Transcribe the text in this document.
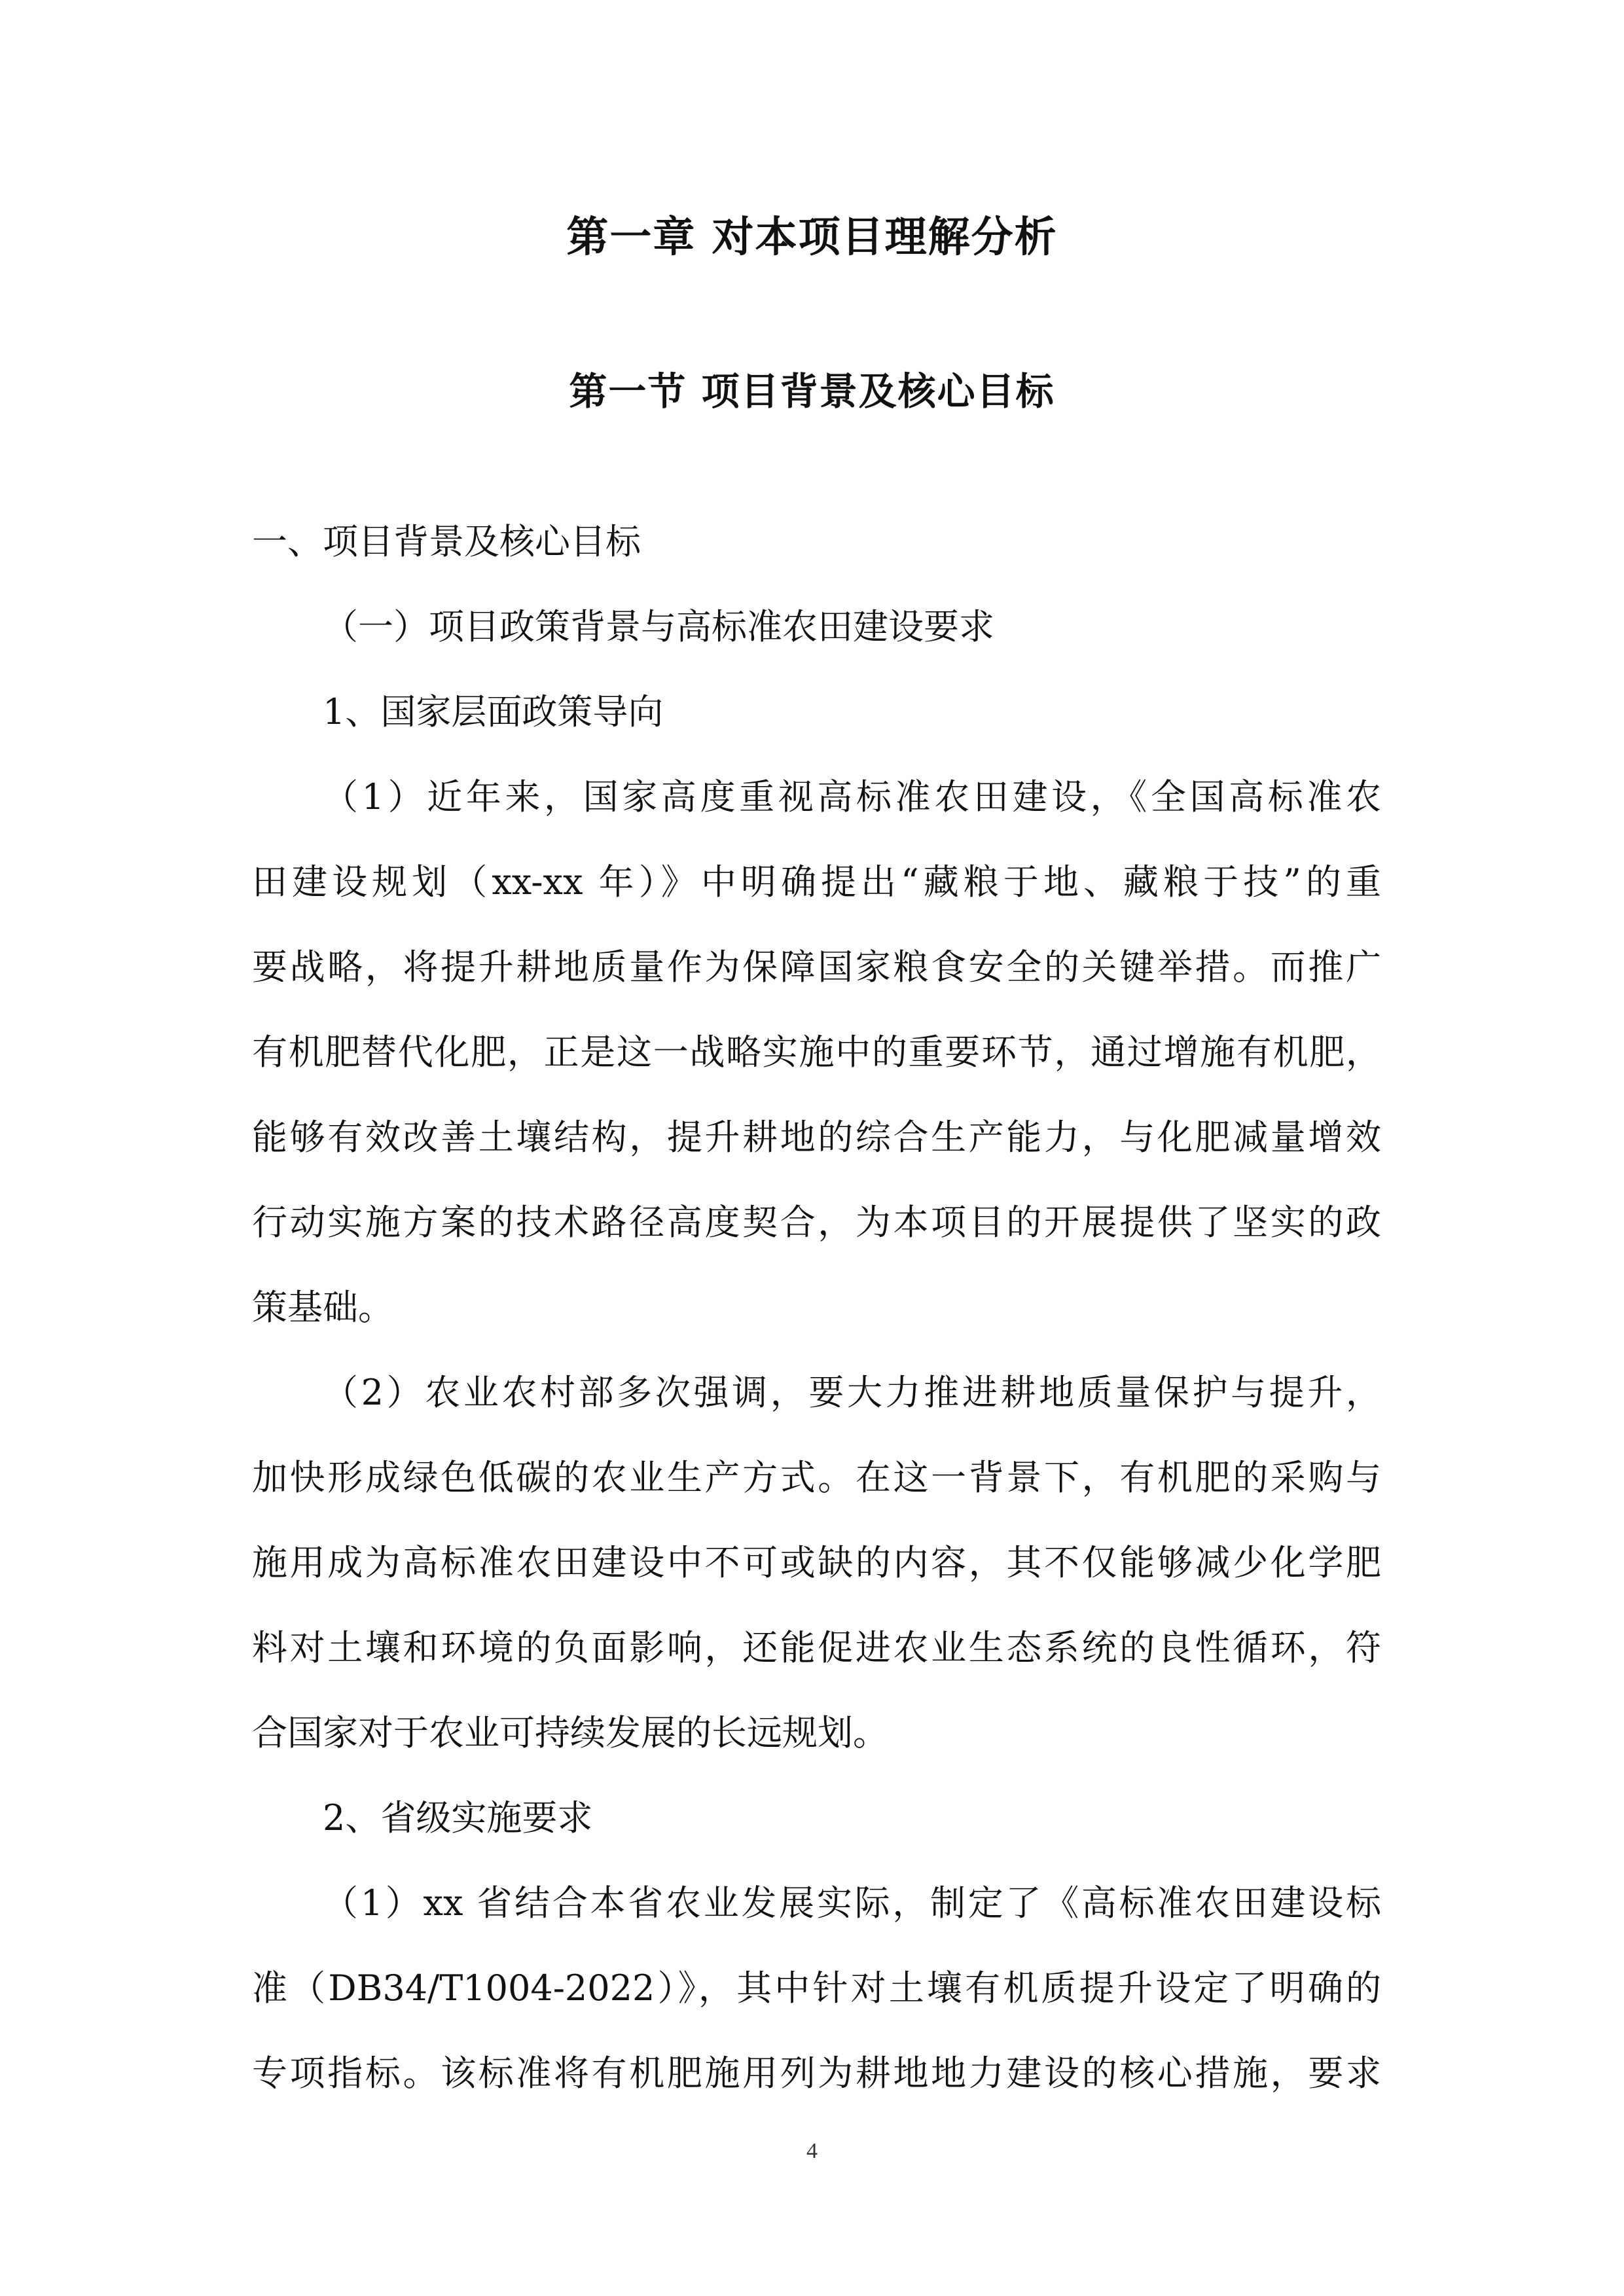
第一章 对本项目理解分析
第一节 项目背景及核心目标
一、项目背景及核心目标
（一）项目政策背景与高标准农田建设要求
1、国家层面政策导向
（1）近年来，国家高度重视高标准农田建设，《全国高标准农
田建设规划（xx-xx 年）》中明确提出“藏粮于地、藏粮于技”的重
要战略，将提升耕地质量作为保障国家粮食安全的关键举措。而推广
有机肥替代化肥，正是这一战略实施中的重要环节，通过增施有机肥，
能够有效改善土壤结构，提升耕地的综合生产能力，与化肥减量增效
行动实施方案的技术路径高度契合，为本项目的开展提供了坚实的政
策基础。
（2）农业农村部多次强调，要大力推进耕地质量保护与提升，
加快形成绿色低碳的农业生产方式。在这一背景下，有机肥的采购与
施用成为高标准农田建设中不可或缺的内容，其不仅能够减少化学肥
料对土壤和环境的负面影响，还能促进农业生态系统的良性循环，符
合国家对于农业可持续发展的长远规划。
2、省级实施要求
（1）xx 省结合本省农业发展实际，制定了《高标准农田建设标
准（DB34/T1004-2022）》，其中针对土壤有机质提升设定了明确的
专项指标。该标准将有机肥施用列为耕地地力建设的核心措施，要求
4
